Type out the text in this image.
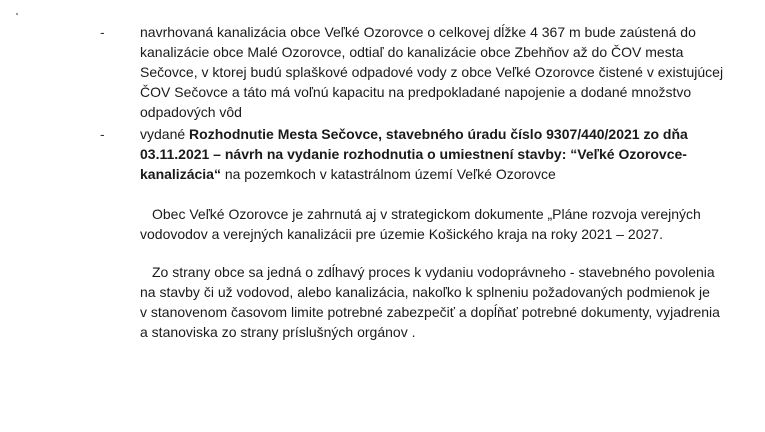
-	navrhovaná kanalizácia obce Veľké Ozorovce o celkovej dĺžke 4 367 m bude zaústená do
kanalizácie obce Malé Ozorovce, odtiaľ do kanalizácie obce Zbehňov až do ČOV mesta
Sečovce, v ktorej budú splaškové odpadové vody z obce Veľké Ozorovce čistené v existujúcej
ČOV Sečovce a táto má voľnú kapacitu na predpokladané napojenie a dodané množstvo
odpadových vôd
-	vydané Rozhodnutie Mesta Sečovce, stavebného úradu číslo 9307/440/2021 zo dňa
03.11.2021 – návrh na vydanie rozhodnutia o umiestnení stavby: “Veľké Ozorovce-
kanalizácia“ na pozemkoch v katastrálnom území Veľké Ozorovce
Obec Veľké Ozorovce je zahrnutá aj v strategickom dokumente „Pláne rozvoja verejných
vodovodov a verejných kanalizácii pre územie Košického kraja na roky 2021 – 2027.
Zo strany obce sa jedná o zdĺhavý proces k vydaniu vodoprávneho - stavebného povolenia
na stavby či už vodovod, alebo kanalizácia, nakoľko k splneniu požadovaných podmienok je
v stanovenom časovom limite potrebné zabezpečiť a dopĺňať potrebné dokumenty, vyjadrenia
a stanoviska zo strany príslušných orgánov .
